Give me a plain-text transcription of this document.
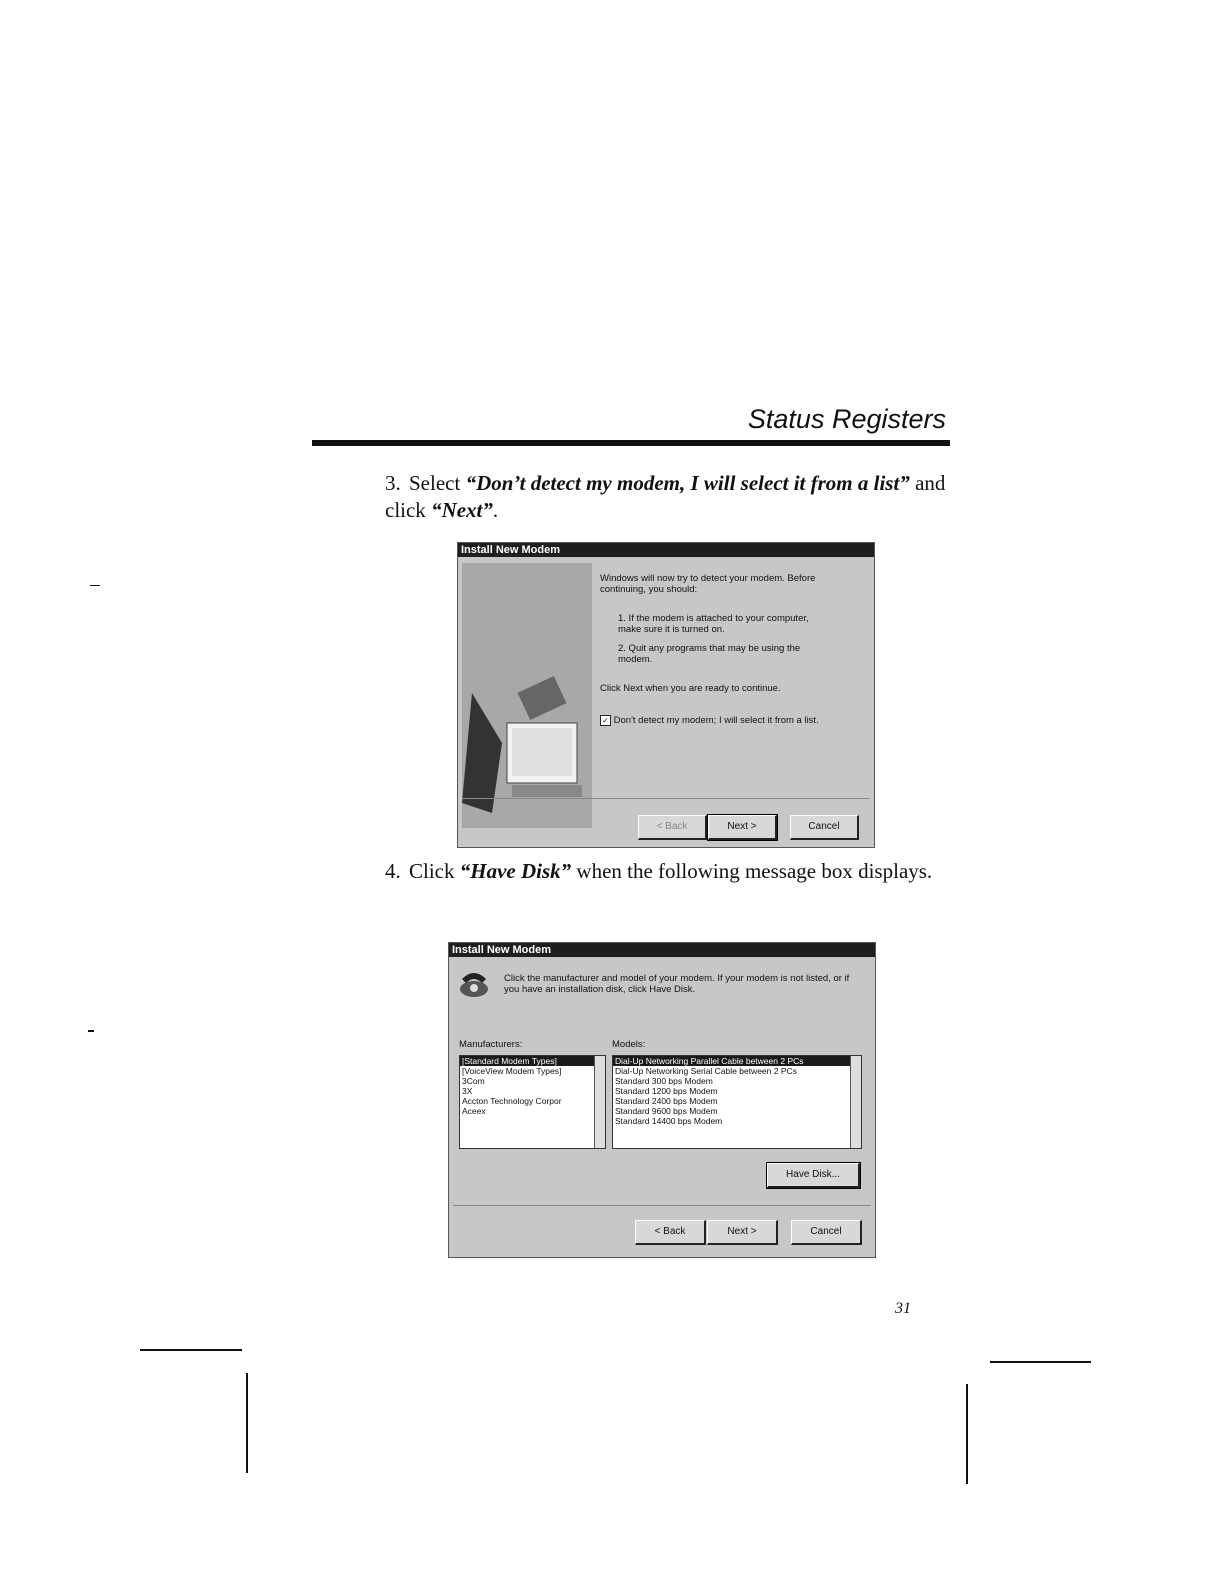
Status Registers
3. Select “Don’t detect my modem, I will select it from a list” and click “Next”.
Install New Modem
Windows will now try to detect your modem. Before continuing, you should:
1. If the modem is attached to your computer, make sure it is turned on.
2. Quit any programs that may be using the modem.
Click Next when you are ready to continue.
✓ Don't detect my modem; I will select it from a list.
< Back	Next >	Cancel
4. Click “Have Disk” when the following message box displays.
Install New Modem
Click the manufacturer and model of your modem. If your modem is not listed, or if you have an installation disk, click Have Disk.
Manufacturers:	Models:
[Standard Modem Types]
[VoiceView Modem Types]
3Com
3X
Accton Technology Corpor
Aceex
Dial-Up Networking Parallel Cable between 2 PCs
Dial-Up Networking Serial Cable between 2 PCs
Standard 300 bps Modem
Standard 1200 bps Modem
Standard 2400 bps Modem
Standard 9600 bps Modem
Standard 14400 bps Modem
Have Disk...
< Back	Next >	Cancel
31
